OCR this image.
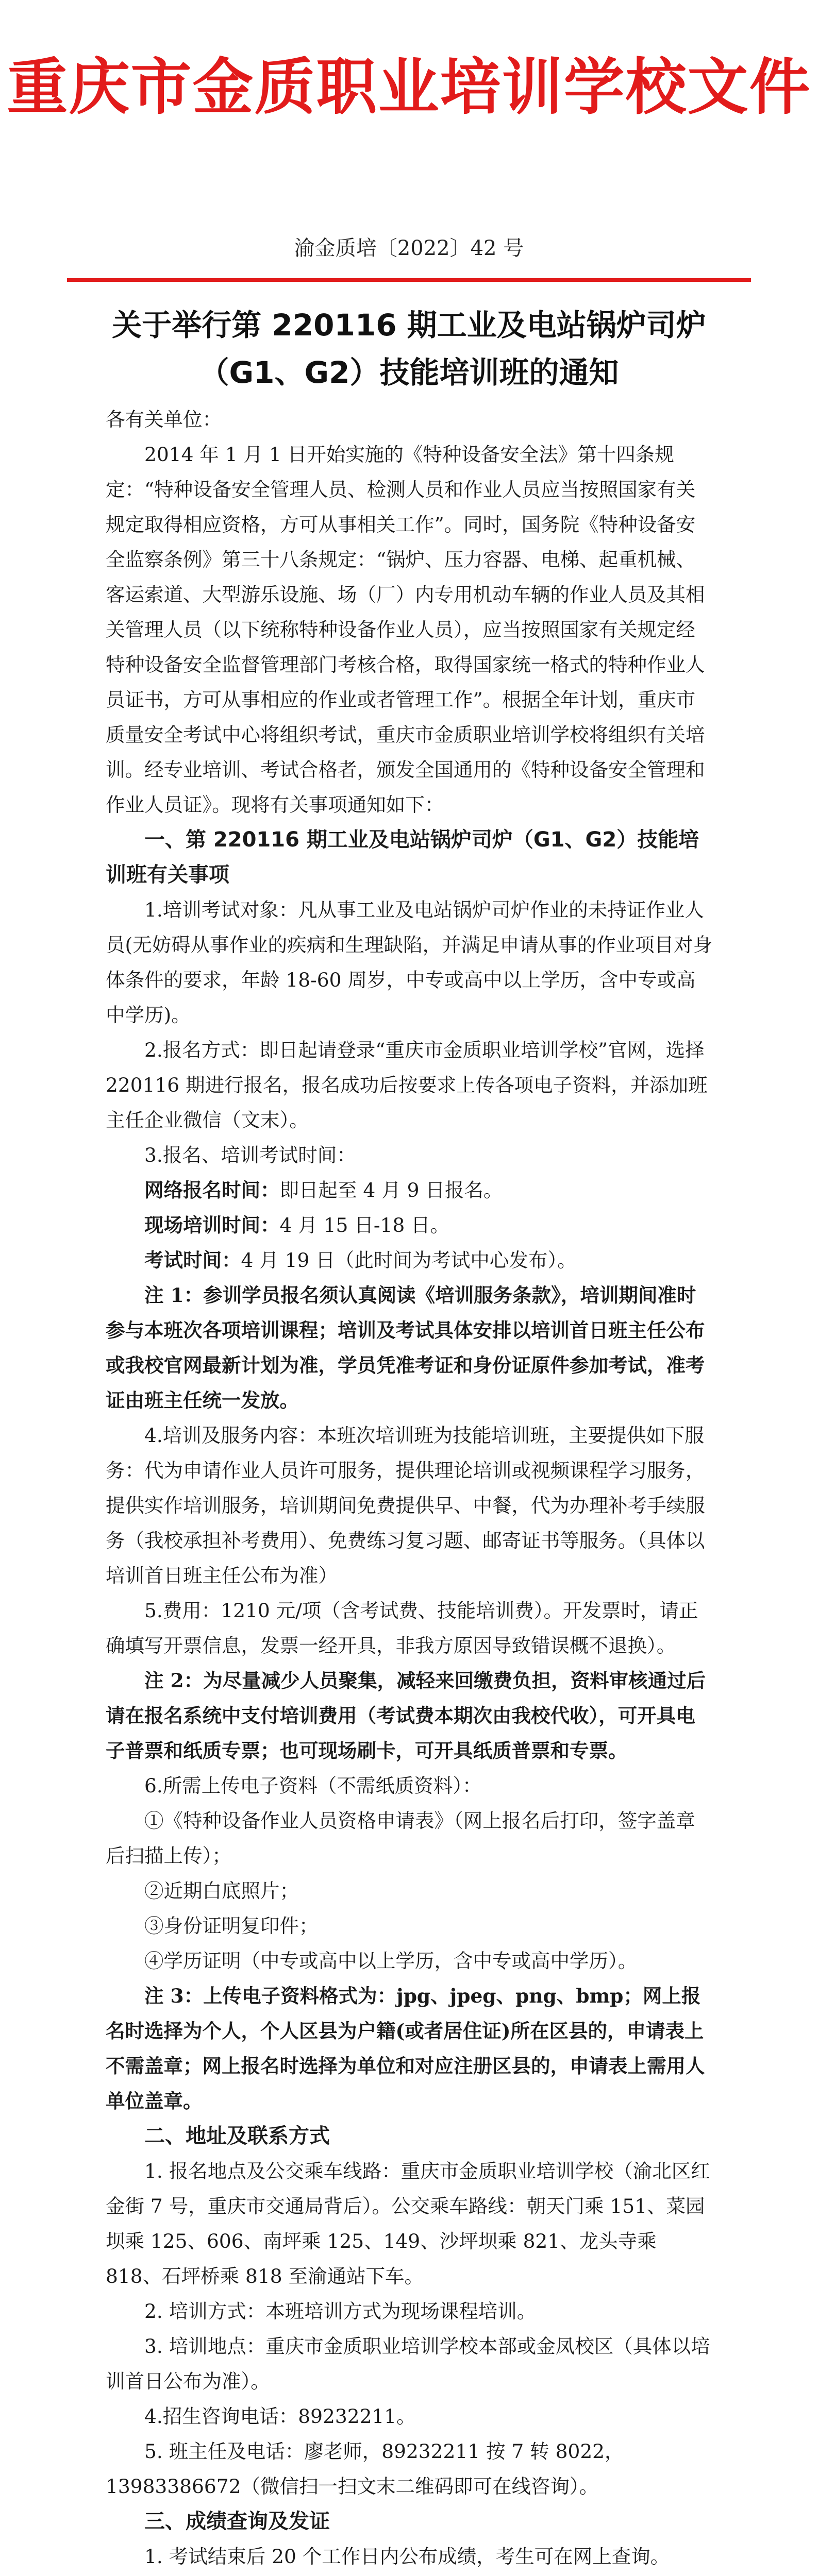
重庆市金质职业培训学校文件
渝金质培〔2022〕42 号
关于举行第 220116 期工业及电站锅炉司炉
（G1、G2）技能培训班的通知

各有关单位：

2014 年 1 月 1 日开始实施的《特种设备安全法》第十四条规定：“特种设备安全管理人员、检测人员和作业人员应当按照国家有关规定取得相应资格，方可从事相关工作”。同时，国务院《特种设备安全监察条例》第三十八条规定：“锅炉、压力容器、电梯、起重机械、客运索道、大型游乐设施、场（厂）内专用机动车辆的作业人员及其相关管理人员（以下统称特种设备作业人员），应当按照国家有关规定经特种设备安全监督管理部门考核合格，取得国家统一格式的特种作业人员证书，方可从事相应的作业或者管理工作”。根据全年计划，重庆市质量安全考试中心将组织考试，重庆市金质职业培训学校将组织有关培训。经专业培训、考试合格者，颁发全国通用的《特种设备安全管理和作业人员证》。现将有关事项通知如下：

一、第 220116 期工业及电站锅炉司炉（G1、G2）技能培训班有关事项

1.培训考试对象：凡从事工业及电站锅炉司炉作业的未持证作业人员(无妨碍从事作业的疾病和生理缺陷，并满足申请从事的作业项目对身体条件的要求，年龄 18-60 周岁，中专或高中以上学历，含中专或高中学历)。

2.报名方式：即日起请登录“重庆市金质职业培训学校”官网，选择 220116 期进行报名，报名成功后按要求上传各项电子资料，并添加班主任企业微信（文末）。

3.报名、培训考试时间：

网络报名时间：即日起至 4 月 9 日报名。

现场培训时间：4 月 15 日-18 日。

考试时间：4 月 19 日（此时间为考试中心发布）。

注 1：参训学员报名须认真阅读《培训服务条款》，培训期间准时参与本班次各项培训课程；培训及考试具体安排以培训首日班主任公布或我校官网最新计划为准，学员凭准考证和身份证原件参加考试，准考证由班主任统一发放。

4.培训及服务内容：本班次培训班为技能培训班，主要提供如下服务：代为申请作业人员许可服务，提供理论培训或视频课程学习服务，提供实作培训服务，培训期间免费提供早、中餐，代为办理补考手续服务（我校承担补考费用）、免费练习复习题、邮寄证书等服务。（具体以培训首日班主任公布为准）

5.费用：1210 元/项（含考试费、技能培训费）。开发票时，请正确填写开票信息，发票一经开具，非我方原因导致错误概不退换）。

注 2：为尽量减少人员聚集，减轻来回缴费负担，资料审核通过后请在报名系统中支付培训费用（考试费本期次由我校代收），可开具电子普票和纸质专票；也可现场刷卡，可开具纸质普票和专票。

6.所需上传电子资料（不需纸质资料）：

①《特种设备作业人员资格申请表》（网上报名后打印，签字盖章后扫描上传）；

②近期白底照片；

③身份证明复印件；

④学历证明（中专或高中以上学历，含中专或高中学历）。

注 3：上传电子资料格式为：jpg、jpeg、png、bmp；网上报名时选择为个人，个人区县为户籍(或者居住证)所在区县的，申请表上不需盖章；网上报名时选择为单位和对应注册区县的，申请表上需用人单位盖章。

二、地址及联系方式

1. 报名地点及公交乘车线路：重庆市金质职业培训学校（渝北区红金街 7 号，重庆市交通局背后）。公交乘车路线：朝天门乘 151、菜园坝乘 125、606、南坪乘 125、149、沙坪坝乘 821、龙头寺乘 818、石坪桥乘 818 至渝通站下车。

2. 培训方式：本班培训方式为现场课程培训。

3. 培训地点：重庆市金质职业培训学校本部或金凤校区（具体以培训首日公布为准）。

4.招生咨询电话：89232211。

5. 班主任及电话：廖老师，89232211 按 7 转 8022，13983386672（微信扫一扫文末二维码即可在线咨询）。

三、成绩查询及发证

1. 考试结束后 20 个工作日内公布成绩，考生可在网上查询。
